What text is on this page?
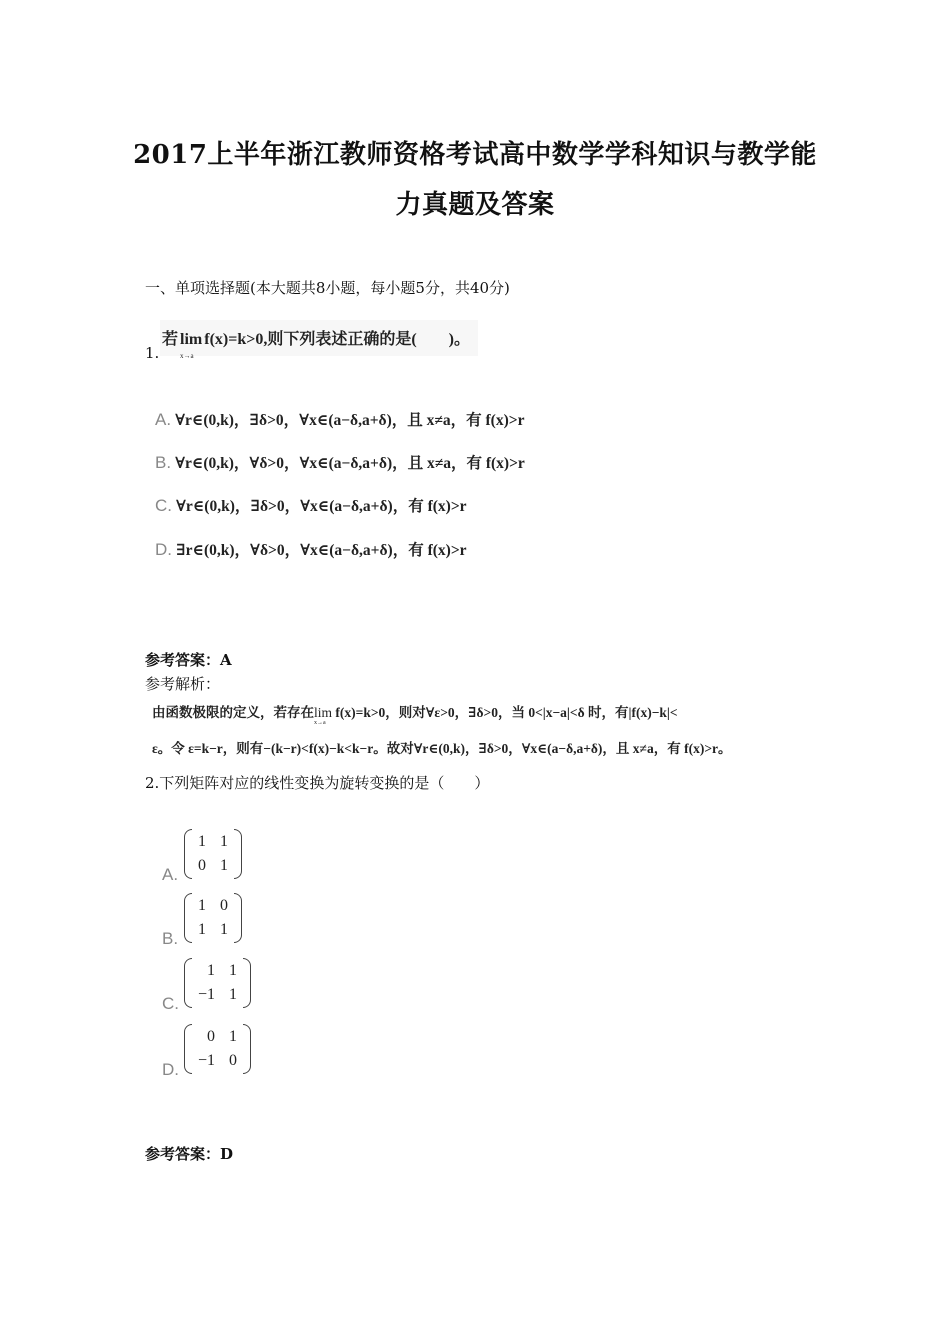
2017上半年浙江教师资格考试高中数学学科知识与教学能
力真题及答案
一、单项选择题(本大题共8小题，每小题5分，共40分)
若 lim
x→a
f(x)=k>0,则下列表述正确的是(　　)。
1.
A. ∀r∈(0,k)，∃δ>0，∀x∈(a−δ,a+δ)，且 x≠a，有 f(x)>r
B. ∀r∈(0,k)，∀δ>0，∀x∈(a−δ,a+δ)，且 x≠a，有 f(x)>r
C. ∀r∈(0,k)，∃δ>0，∀x∈(a−δ,a+δ)，有 f(x)>r
D. ∃r∈(0,k)，∀δ>0，∀x∈(a−δ,a+δ)，有 f(x)>r
参考答案：A
参考解析：
由函数极限的定义，若存在lim
x→a
f(x)=k>0，则对∀ε>0，∃δ>0，当 0<|x−a|<δ 时，有|f(x)−k|<
ε。令 ε=k−r，则有−(k−r)<f(x)−k<k−r。故对∀r∈(0,k)，∃δ>0，∀x∈(a−δ,a+δ)，且 x≠a，有 f(x)>r。
2.下列矩阵对应的线性变换为旋转变换的是（　　）
A.
1 1
0 1
B.
1 0
1 1
C.
1 1
−1 1
D.
0 1
−1 0
参考答案：D
